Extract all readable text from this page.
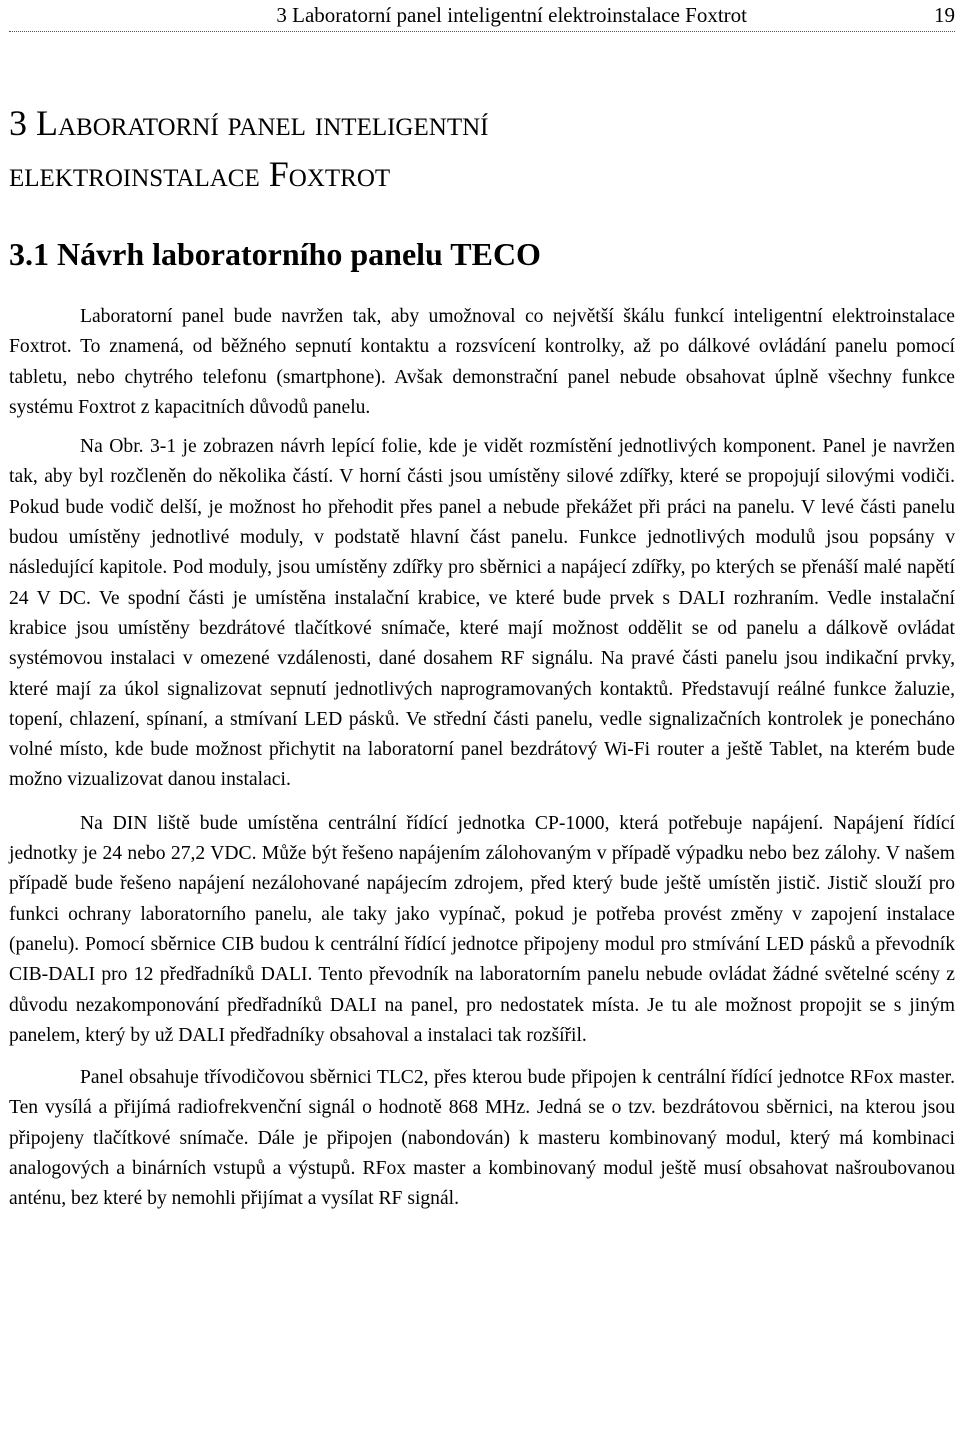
3 Laboratorní panel inteligentní elektroinstalace Foxtrot	19
3 Laboratorní panel inteligentní
elektroinstalace Foxtrot
3.1 Návrh laboratorního panelu TECO

Laboratorní panel bude navržen tak, aby umožnoval co největší škálu funkcí inteligentní elektroinstalace Foxtrot. To znamená, od běžného sepnutí kontaktu a rozsvícení kontrolky, až po dálkové ovládání panelu pomocí tabletu, nebo chytrého telefonu (smartphone). Avšak demonstrační panel nebude obsahovat úplně všechny funkce systému Foxtrot z kapacitních důvodů panelu.

Na Obr. 3-1 je zobrazen návrh lepící folie, kde je vidět rozmístění jednotlivých komponent. Panel je navržen tak, aby byl rozčleněn do několika částí. V horní části jsou umístěny silové zdířky, které se propojují silovými vodiči. Pokud bude vodič delší, je možnost ho přehodit přes panel a nebude překážet při práci na panelu. V levé části panelu budou umístěny jednotlivé moduly, v podstatě hlavní část panelu. Funkce jednotlivých modulů jsou popsány v následující kapitole. Pod moduly, jsou umístěny zdířky pro sběrnici a napájecí zdířky, po kterých se přenáší malé napětí 24 V DC. Ve spodní části je umístěna instalační krabice, ve které bude prvek s DALI rozhraním. Vedle instalační krabice jsou umístěny bezdrátové tlačítkové snímače, které mají možnost oddělit se od panelu a dálkově ovládat systémovou instalaci v omezené vzdálenosti, dané dosahem RF signálu. Na pravé části panelu jsou indikační prvky, které mají za úkol signalizovat sepnutí jednotlivých naprogramovaných kontaktů. Představují reálné funkce žaluzie, topení, chlazení, spínaní, a stmívaní LED pásků. Ve střední části panelu, vedle signalizačních kontrolek je ponecháno volné místo, kde bude možnost přichytit na laboratorní panel bezdrátový Wi-Fi router a ještě Tablet, na kterém bude možno vizualizovat danou instalaci.

Na DIN liště bude umístěna centrální řídící jednotka CP-1000, která potřebuje napájení. Napájení řídící jednotky je 24 nebo 27,2 VDC. Může být řešeno napájením zálohovaným v případě výpadku nebo bez zálohy. V našem případě bude řešeno napájení nezálohované napájecím zdrojem, před který bude ještě umístěn jistič. Jistič slouží pro funkci ochrany laboratorního panelu, ale taky jako vypínač, pokud je potřeba provést změny v zapojení instalace (panelu). Pomocí sběrnice CIB budou k centrální řídící jednotce připojeny modul pro stmívání LED pásků a převodník CIB-DALI pro 12 předřadníků DALI. Tento převodník na laboratorním panelu nebude ovládat žádné světelné scény z důvodu nezakomponování předřadníků DALI na panel, pro nedostatek místa. Je tu ale možnost propojit se s jiným panelem, který by už DALI předřadníky obsahoval a instalaci tak rozšířil.

Panel obsahuje třívodičovou sběrnici TLC2, přes kterou bude připojen k centrální řídící jednotce RFox master. Ten vysílá a přijímá radiofrekvenční signál o hodnotě 868 MHz. Jedná se o tzv. bezdrátovou sběrnici, na kterou jsou připojeny tlačítkové snímače. Dále je připojen (nabondován) k masteru kombinovaný modul, který má kombinaci analogových a binárních vstupů a výstupů. RFox master a kombinovaný modul ještě musí obsahovat našroubovanou anténu, bez které by nemohli přijímat a vysílat RF signál.
